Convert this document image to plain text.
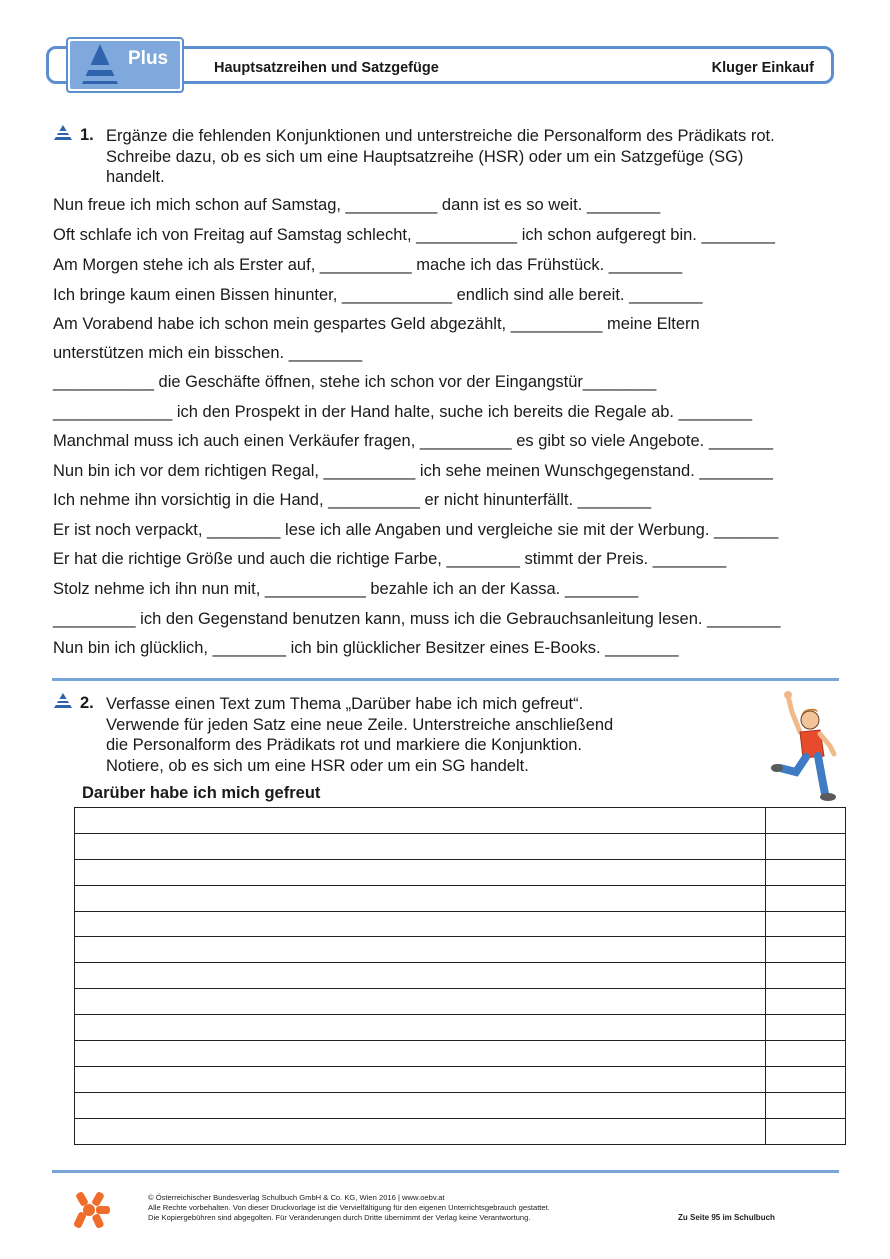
Plus	Hauptsatzreihen und Satzgefüge	Kluger Einkauf
1. Ergänze die fehlenden Konjunktionen und unterstreiche die Personalform des Prädikats rot.
Schreibe dazu, ob es sich um eine Hauptsatzreihe (HSR) oder um ein Satzgefüge (SG)
handelt.
Nun freue ich mich schon auf Samstag, __________ dann ist es so weit. ________
Oft schlafe ich von Freitag auf Samstag schlecht, ___________ ich schon aufgeregt bin. ________
Am Morgen stehe ich als Erster auf, __________ mache ich das Frühstück. ________
Ich bringe kaum einen Bissen hinunter, ____________ endlich sind alle bereit. ________
Am Vorabend habe ich schon mein gespartes Geld abgezählt, __________ meine Eltern
unterstützen mich ein bisschen. ________
___________ die Geschäfte öffnen, stehe ich schon vor der Eingangstür________
_____________ ich den Prospekt in der Hand halte, suche ich bereits die Regale ab. ________
Manchmal muss ich auch einen Verkäufer fragen, __________ es gibt so viele Angebote. _______
Nun bin ich vor dem richtigen Regal, __________ ich sehe meinen Wunschgegenstand. ________
Ich nehme ihn vorsichtig in die Hand, __________ er nicht hinunterfällt. ________
Er ist noch verpackt, ________ lese ich alle Angaben und vergleiche sie mit der Werbung. _______
Er hat die richtige Größe und auch die richtige Farbe, ________ stimmt der Preis. ________
Stolz nehme ich ihn nun mit, ___________ bezahle ich an der Kassa. ________
_________ ich den Gegenstand benutzen kann, muss ich die Gebrauchsanleitung lesen. ________
Nun bin ich glücklich, ________ ich bin glücklicher Besitzer eines E-Books. ________
2. Verfasse einen Text zum Thema „Darüber habe ich mich gefreut“.
Verwende für jeden Satz eine neue Zeile. Unterstreiche anschließend
die Personalform des Prädikats rot und markiere die Konjunktion.
Notiere, ob es sich um eine HSR oder um ein SG handelt.
Darüber habe ich mich gefreut

© Österreichischer Bundesverlag Schulbuch GmbH & Co. KG, Wien 2016 | www.oebv.at
Alle Rechte vorbehalten. Von dieser Druckvorlage ist die Vervielfältigung für den eigenen Unterrichtsgebrauch gestattet.
Die Kopiergebühren sind abgegolten. Für Veränderungen durch Dritte übernimmt der Verlag keine Verantwortung.	Zu Seite 95 im Schulbuch
